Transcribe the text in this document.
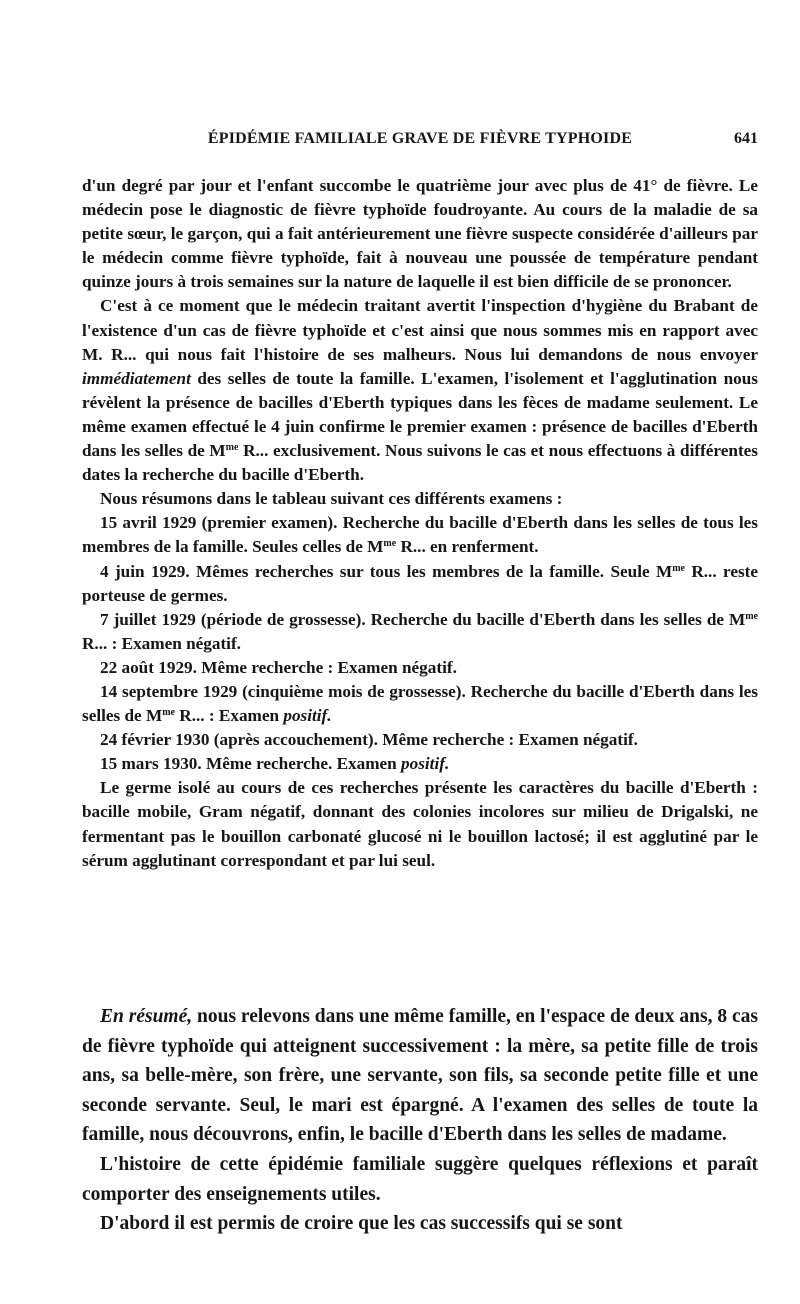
ÉPIDÉMIE FAMILIALE GRAVE DE FIÈVRE TYPHOIDE	641

d'un degré par jour et l'enfant succombe le quatrième jour avec plus de 41° de fièvre. Le médecin pose le diagnostic de fièvre typhoïde foudroyante. Au cours de la maladie de sa petite sœur, le garçon, qui a fait antérieurement une fièvre suspecte considérée d'ailleurs par le médecin comme fièvre typhoïde, fait à nouveau une poussée de température pendant quinze jours à trois semaines sur la nature de laquelle il est bien difficile de se prononcer.

C'est à ce moment que le médecin traitant avertit l'inspection d'hygiène du Brabant de l'existence d'un cas de fièvre typhoïde et c'est ainsi que nous sommes mis en rapport avec M. R... qui nous fait l'histoire de ses malheurs. Nous lui demandons de nous envoyer immédiatement des selles de toute la famille. L'examen, l'isolement et l'agglutination nous révèlent la présence de bacilles d'Eberth typiques dans les fèces de madame seulement. Le même examen effectué le 4 juin confirme le premier examen : présence de bacilles d'Eberth dans les selles de $M^{me}$ R... exclusivement. Nous suivons le cas et nous effectuons à différentes dates la recherche du bacille d'Eberth.

Nous résumons dans le tableau suivant ces différents examens :

15 avril 1929 (premier examen). Recherche du bacille d'Eberth dans les selles de tous les membres de la famille. Seules celles de $M^{me}$ R... en renferment.

4 juin 1929. Mêmes recherches sur tous les membres de la famille. Seule $M^{me}$ R... reste porteuse de germes.

7 juillet 1929 (période de grossesse). Recherche du bacille d'Eberth dans les selles de $M^{me}$ R... : Examen négatif.

22 août 1929. Même recherche : Examen négatif.

14 septembre 1929 (cinquième mois de grossesse). Recherche du bacille d'Eberth dans les selles de $M^{me}$ R... : Examen positif.

24 février 1930 (après accouchement). Même recherche : Examen négatif.

15 mars 1930. Même recherche. Examen positif.

Le germe isolé au cours de ces recherches présente les caractères du bacille d'Eberth : bacille mobile, Gram négatif, donnant des colonies incolores sur milieu de Drigalski, ne fermentant pas le bouillon carbonaté glucosé ni le bouillon lactosé; il est agglutiné par le sérum agglutinant correspondant et par lui seul.

En résumé, nous relevons dans une même famille, en l'espace de deux ans, 8 cas de fièvre typhoïde qui atteignent successivement : la mère, sa petite fille de trois ans, sa belle-mère, son frère, une servante, son fils, sa seconde petite fille et une seconde servante. Seul, le mari est épargné. A l'examen des selles de toute la famille, nous découvrons, enfin, le bacille d'Eberth dans les selles de madame.

L'histoire de cette épidémie familiale suggère quelques réflexions et paraît comporter des enseignements utiles.

D'abord il est permis de croire que les cas successifs qui se sont
